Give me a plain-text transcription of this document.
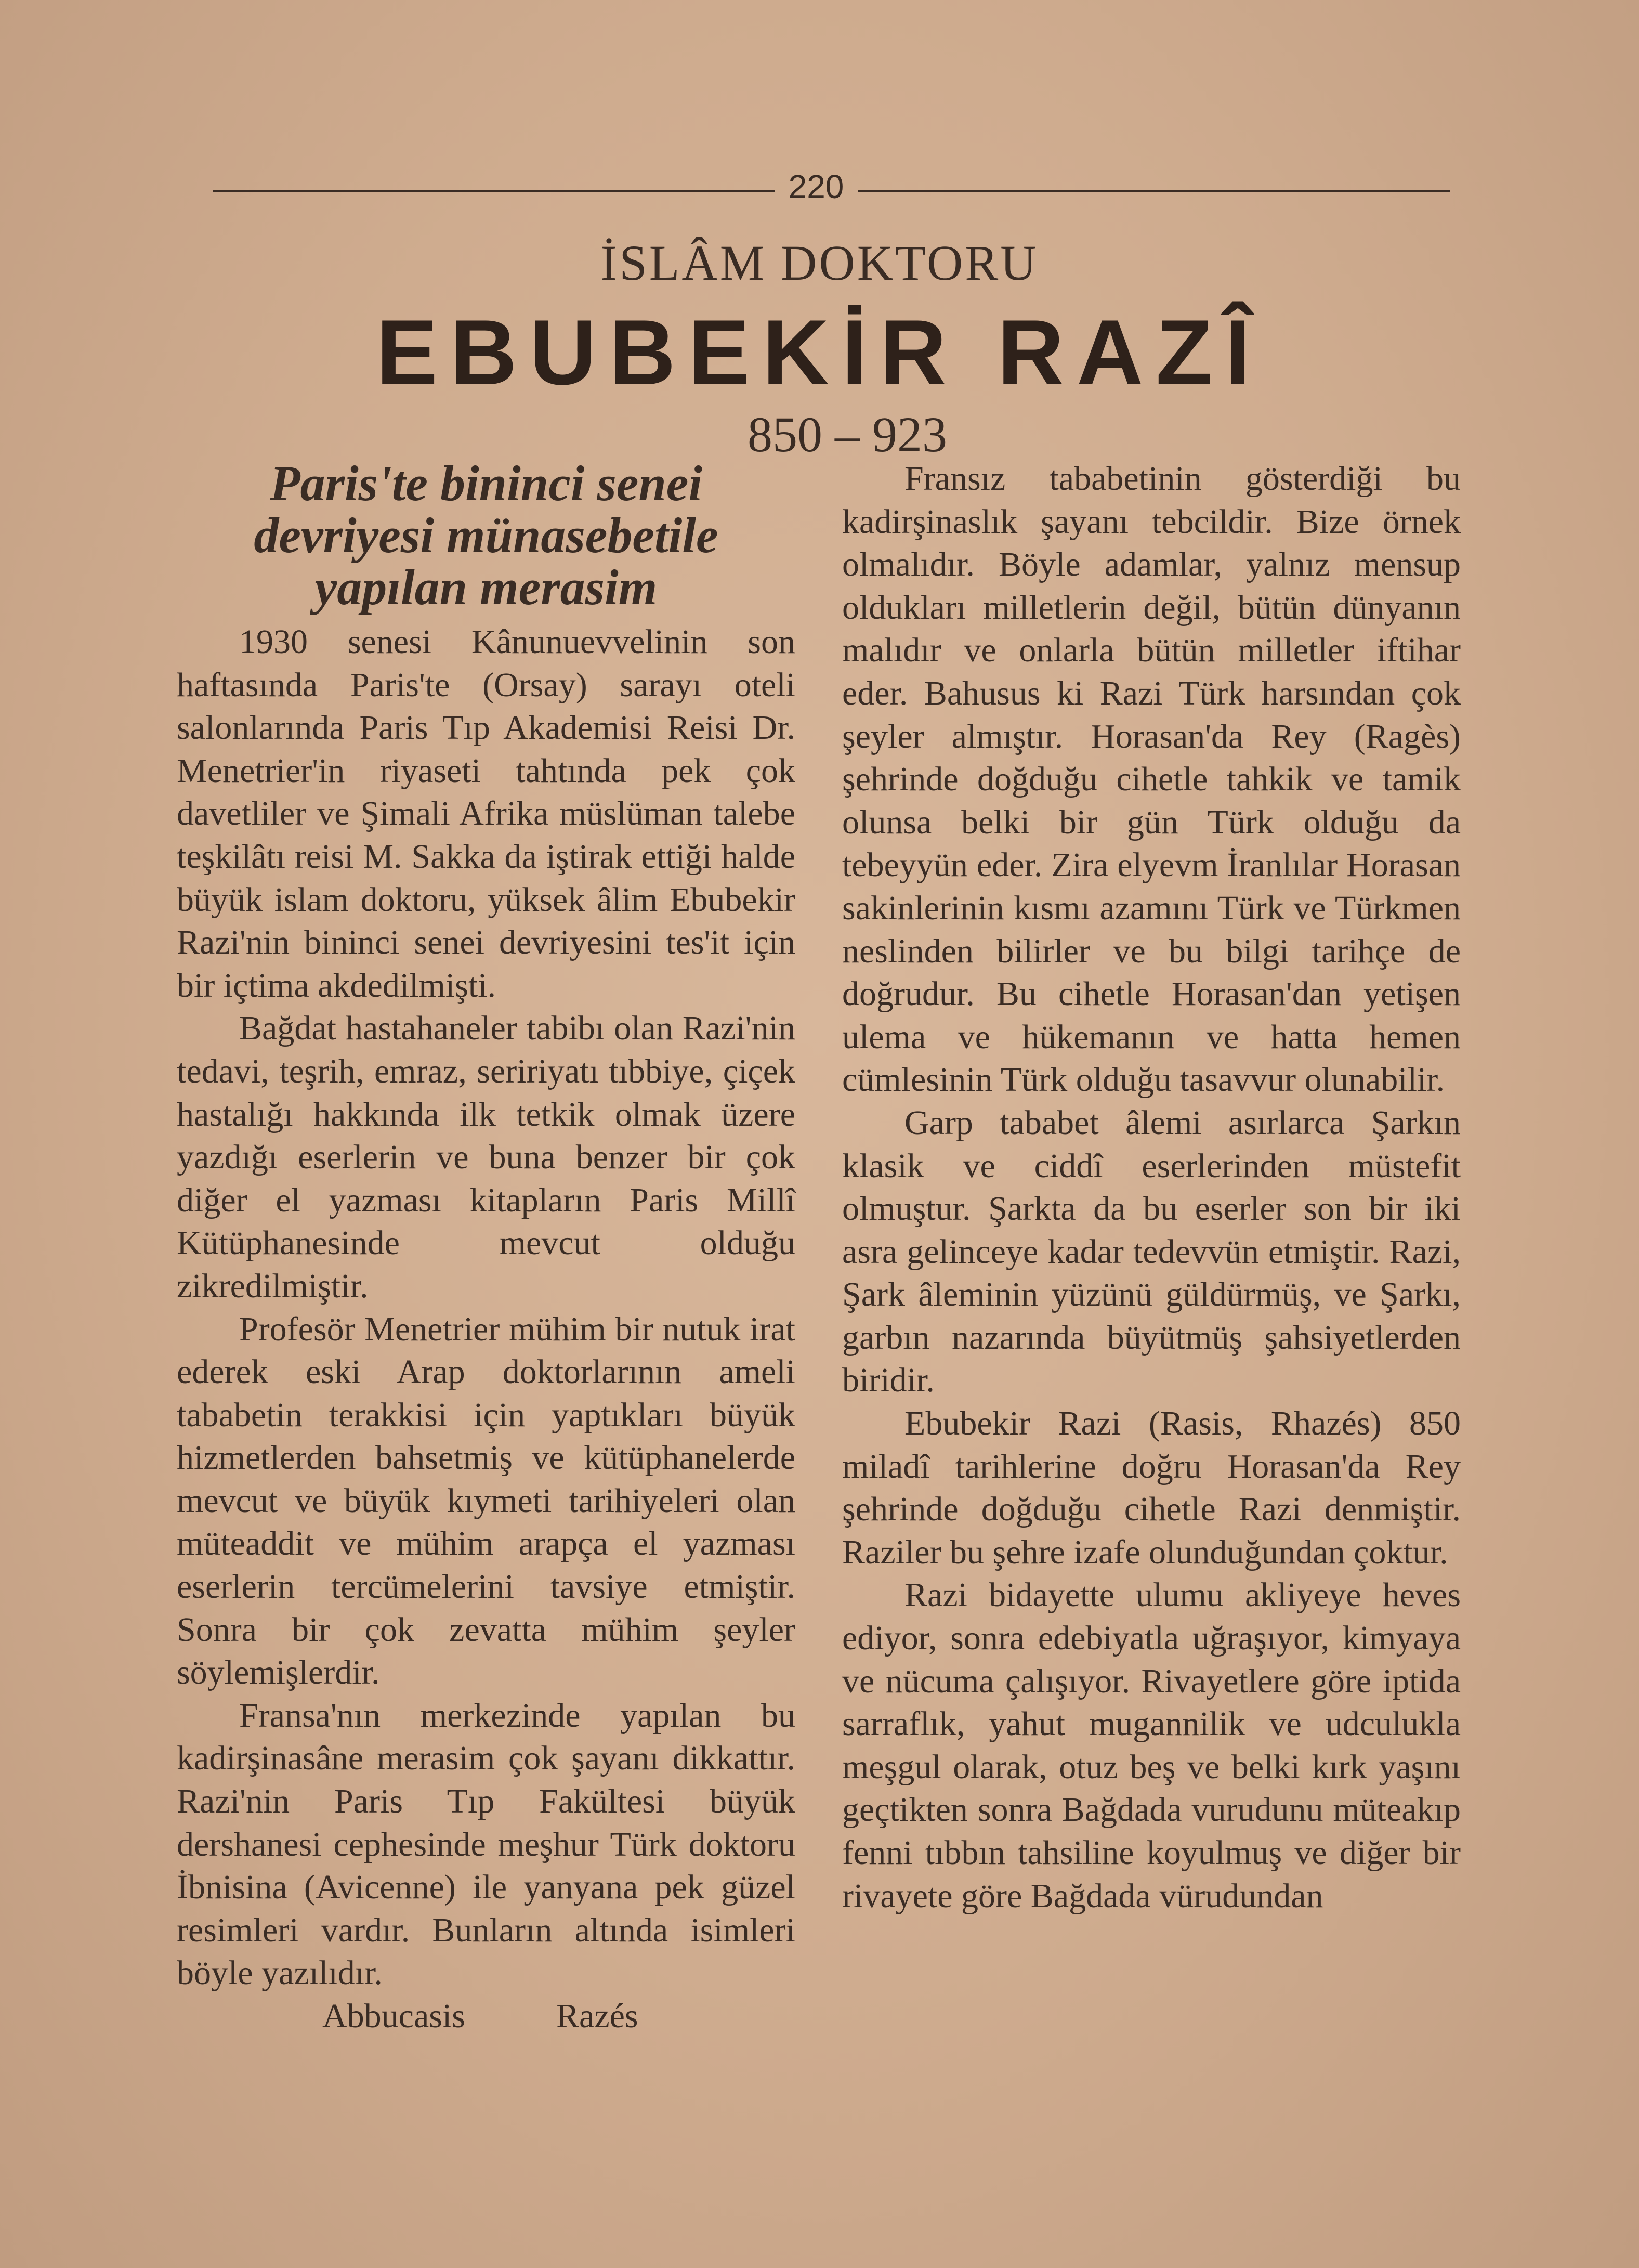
220
İSLÂM DOKTORU
EBUBEKİR RAZÎ
850 – 923
Paris'te bininci senei devriyesi münasebetile yapılan merasim

1930 senesi Kânunuevvelinin son haftasında Paris'te (Orsay) sarayı oteli salonlarında Paris Tıp Akademisi Reisi Dr. Menetrier'in riyaseti tahtında pek çok davetliler ve Şimali Afrika müslüman talebe teşkilâtı reisi M. Sakka da iştirak ettiği halde büyük islam doktoru, yüksek âlim Ebubekir Razi'nin bininci senei devriyesini tes'it için bir içtima akdedilmişti.

Bağdat hastahaneler tabibı olan Razi'nin tedavi, teşrih, emraz, seririyatı tıbbiye, çiçek hastalığı hakkında ilk tetkik olmak üzere yazdığı eserlerin ve buna benzer bir çok diğer el yazması kitapların Paris Millî Kütüphanesinde mevcut olduğu zikredilmiştir.

Profesör Menetrier mühim bir nutuk irat ederek eski Arap doktorlarının ameli tababetin terakkisi için yaptıkları büyük hizmetlerden bahsetmiş ve kütüphanelerde mevcut ve büyük kıymeti tarihiyeleri olan müteaddit ve mühim arapça el yazması eserlerin tercümelerini tavsiye etmiştir. Sonra bir çok zevatta mühim şeyler söylemişlerdir.

Fransa'nın merkezinde yapılan bu kadirşinasâne merasim çok şayanı dikkattır. Razi'nin Paris Tıp Fakültesi büyük dershanesi cephesinde meşhur Türk doktoru İbnisina (Avicenne) ile yanyana pek güzel resimleri vardır. Bunların altında isimleri böyle yazılıdır.

Abbucasis	Razés

Fransız tababetinin gösterdiği bu kadirşinaslık şayanı tebcildir. Bize örnek olmalıdır. Böyle adamlar, yalnız mensup oldukları milletlerin değil, bütün dünyanın malıdır ve onlarla bütün milletler iftihar eder. Bahusus ki Razi Türk harsından çok şeyler almıştır. Horasan'da Rey (Ragès) şehrinde doğduğu cihetle tahkik ve tamik olunsa belki bir gün Türk olduğu da tebeyyün eder. Zira elyevm İranlılar Horasan sakinlerinin kısmı azamını Türk ve Türkmen neslinden bilirler ve bu bilgi tarihçe de doğrudur. Bu cihetle Horasan'dan yetişen ulema ve hükemanın ve hatta hemen cümlesinin Türk olduğu tasavvur olunabilir.

Garp tababet âlemi asırlarca Şarkın klasik ve ciddî eserlerinden müstefit olmuştur. Şarkta da bu eserler son bir iki asra gelinceye kadar tedevvün etmiştir. Razi, Şark âleminin yüzünü güldürmüş, ve Şarkı, garbın nazarında büyütmüş şahsiyetlerden biridir.

Ebubekir Razi (Rasis, Rhazés) 850 miladî tarihlerine doğru Horasan'da Rey şehrinde doğduğu cihetle Razi denmiştir. Raziler bu şehre izafe olunduğundan çoktur.

Razi bidayette ulumu akliyeye heves ediyor, sonra edebiyatla uğraşıyor, kimyaya ve nücuma çalışıyor. Rivayetlere göre iptida sarraflık, yahut mugannilik ve udculukla meşgul olarak, otuz beş ve belki kırk yaşını geçtikten sonra Bağdada vurudunu müteakıp fenni tıbbın tahsiline koyulmuş ve diğer bir rivayete göre Bağdada vürudundan
